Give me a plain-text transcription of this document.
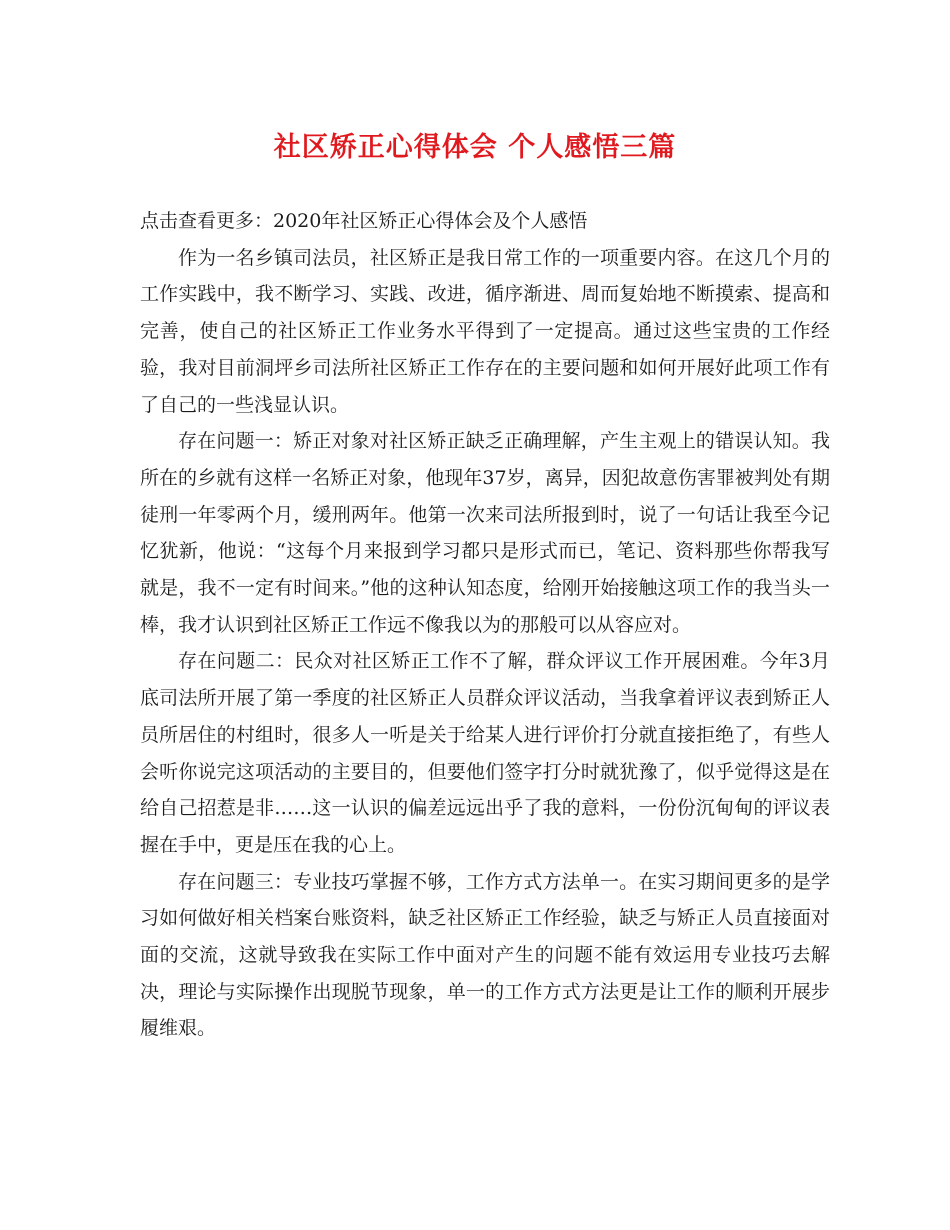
社区矫正心得体会 个人感悟三篇

点击查看更多：2020年社区矫正心得体会及个人感悟

作为一名乡镇司法员，社区矫正是我日常工作的一项重要内容。在这几个月的工作实践中，我不断学习、实践、改进，循序渐进、周而复始地不断摸索、提高和完善，使自己的社区矫正工作业务水平得到了一定提高。通过这些宝贵的工作经验，我对目前洞坪乡司法所社区矫正工作存在的主要问题和如何开展好此项工作有了自己的一些浅显认识。

存在问题一：矫正对象对社区矫正缺乏正确理解，产生主观上的错误认知。我所在的乡就有这样一名矫正对象，他现年37岁，离异，因犯故意伤害罪被判处有期徒刑一年零两个月，缓刑两年。他第一次来司法所报到时，说了一句话让我至今记忆犹新，他说：“这每个月来报到学习都只是形式而已，笔记、资料那些你帮我写就是，我不一定有时间来。”他的这种认知态度，给刚开始接触这项工作的我当头一棒，我才认识到社区矫正工作远不像我以为的那般可以从容应对。

存在问题二：民众对社区矫正工作不了解，群众评议工作开展困难。今年3月底司法所开展了第一季度的社区矫正人员群众评议活动，当我拿着评议表到矫正人员所居住的村组时，很多人一听是关于给某人进行评价打分就直接拒绝了，有些人会听你说完这项活动的主要目的，但要他们签字打分时就犹豫了，似乎觉得这是在给自己招惹是非……这一认识的偏差远远出乎了我的意料，一份份沉甸甸的评议表握在手中，更是压在我的心上。

存在问题三：专业技巧掌握不够，工作方式方法单一。在实习期间更多的是学习如何做好相关档案台账资料，缺乏社区矫正工作经验，缺乏与矫正人员直接面对面的交流，这就导致我在实际工作中面对产生的问题不能有效运用专业技巧去解决，理论与实际操作出现脱节现象，单一的工作方式方法更是让工作的顺利开展步履维艰。
